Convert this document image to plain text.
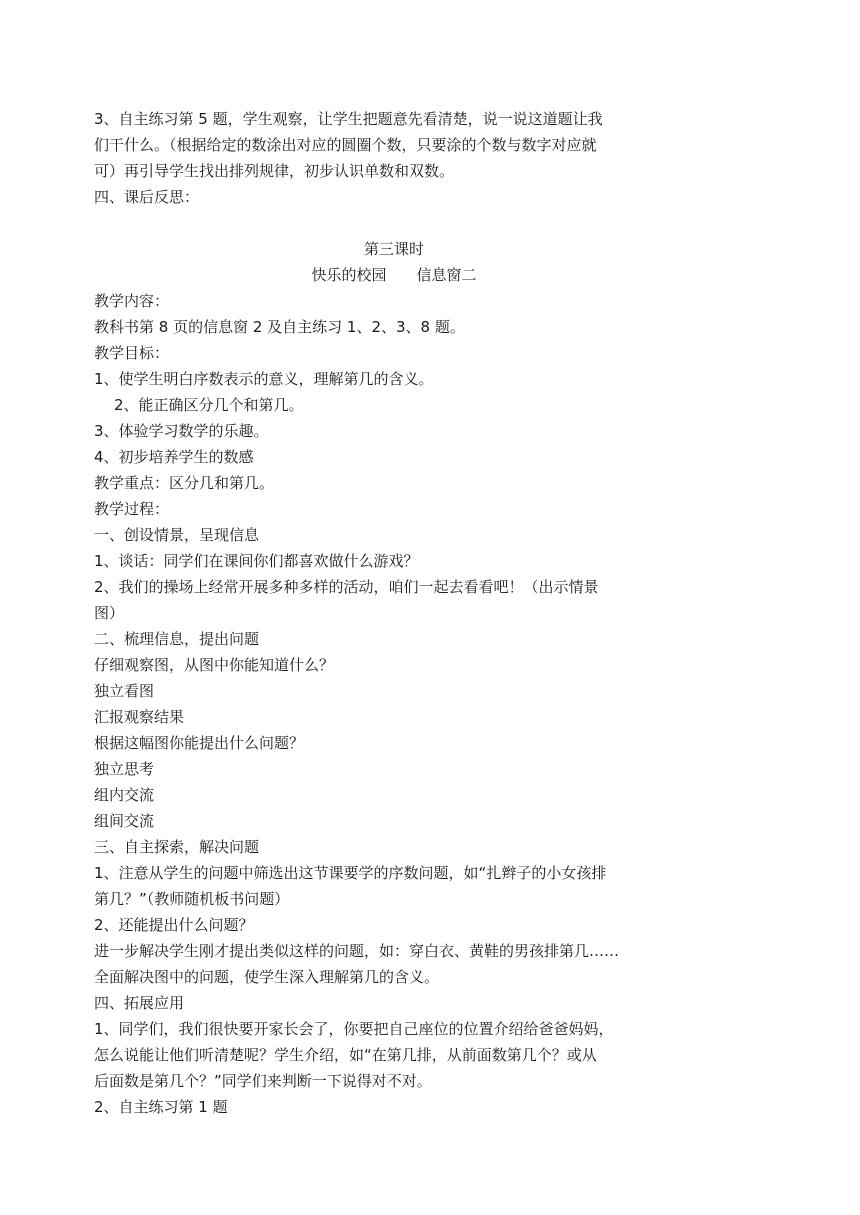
3、自主练习第 5 题，学生观察，让学生把题意先看清楚，说一说这道题让我

们干什么。（根据给定的数涂出对应的圆圈个数，只要涂的个数与数字对应就

可）再引导学生找出排列规律，初步认识单数和双数。

四、课后反思：

第三课时

快乐的校园　　信息窗二

教学内容：

教科书第 8 页的信息窗 2 及自主练习 1、2、3、8 题。

教学目标：

1、使学生明白序数表示的意义，理解第几的含义。

2、能正确区分几个和第几。

3、体验学习数学的乐趣。

4、初步培养学生的数感

教学重点：区分几和第几。

教学过程：

一、创设情景，呈现信息

1、谈话：同学们在课间你们都喜欢做什么游戏？

2、我们的操场上经常开展多种多样的活动，咱们一起去看看吧！（出示情景

图）

二、梳理信息，提出问题

仔细观察图，从图中你能知道什么？

独立看图

汇报观察结果

根据这幅图你能提出什么问题？

独立思考

组内交流

组间交流

三、自主探索，解决问题

1、注意从学生的问题中筛选出这节课要学的序数问题，如“扎辫子的小女孩排

第几？”（教师随机板书问题）

2、还能提出什么问题？

进一步解决学生刚才提出类似这样的问题，如：穿白衣、黄鞋的男孩排第几……

全面解决图中的问题，使学生深入理解第几的含义。

四、拓展应用

1、同学们，我们很快要开家长会了，你要把自己座位的位置介绍给爸爸妈妈，

怎么说能让他们听清楚呢？学生介绍，如“在第几排，从前面数第几个？或从

后面数是第几个？”同学们来判断一下说得对不对。

2、自主练习第 1 题
